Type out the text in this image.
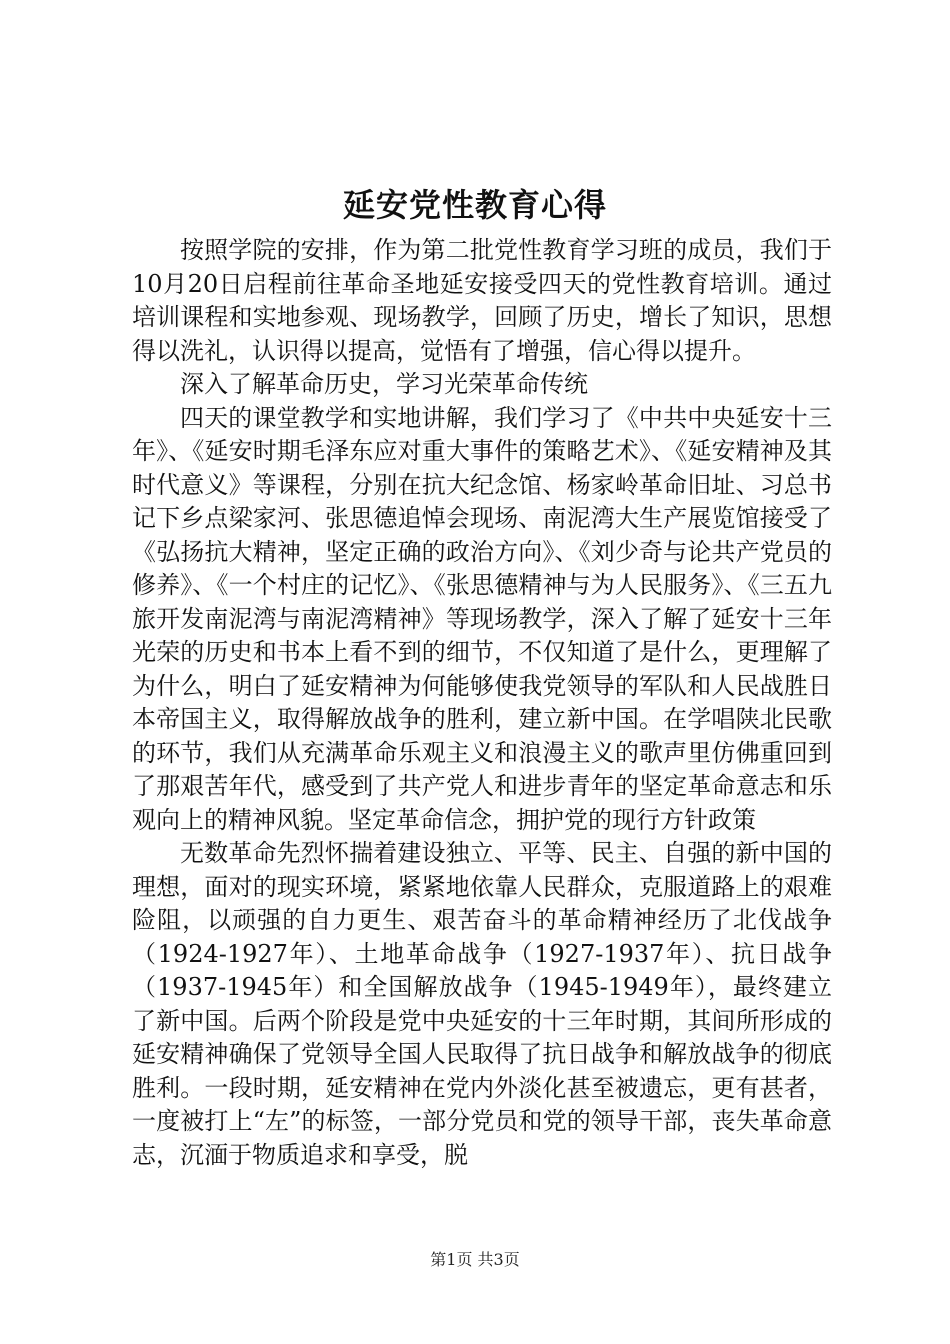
延安党性教育心得

按照学院的安排，作为第二批党性教育学习班的成员，我们于10月20日启程前往革命圣地延安接受四天的党性教育培训。通过培训课程和实地参观、现场教学，回顾了历史，增长了知识，思想得以洗礼，认识得以提高，觉悟有了增强，信心得以提升。

深入了解革命历史，学习光荣革命传统

四天的课堂教学和实地讲解，我们学习了《中共中央延安十三年》、《延安时期毛泽东应对重大事件的策略艺术》、《延安精神及其时代意义》等课程，分别在抗大纪念馆、杨家岭革命旧址、习总书记下乡点梁家河、张思德追悼会现场、南泥湾大生产展览馆接受了《弘扬抗大精神，坚定正确的政治方向》、《刘少奇与论共产党员的修养》、《一个村庄的记忆》、《张思德精神与为人民服务》、《三五九旅开发南泥湾与南泥湾精神》等现场教学，深入了解了延安十三年光荣的历史和书本上看不到的细节，不仅知道了是什么，更理解了为什么，明白了延安精神为何能够使我党领导的军队和人民战胜日本帝国主义，取得解放战争的胜利，建立新中国。在学唱陕北民歌的环节，我们从充满革命乐观主义和浪漫主义的歌声里仿佛重回到了那艰苦年代，感受到了共产党人和进步青年的坚定革命意志和乐观向上的精神风貌。坚定革命信念，拥护党的现行方针政策

无数革命先烈怀揣着建设独立、平等、民主、自强的新中国的理想，面对的现实环境，紧紧地依靠人民群众，克服道路上的艰难险阻，以顽强的自力更生、艰苦奋斗的革命精神经历了北伐战争（1924-1927年）、土地革命战争（1927-1937年）、抗日战争（1937-1945年）和全国解放战争（1945-1949年），最终建立了新中国。后两个阶段是党中央延安的十三年时期，其间所形成的延安精神确保了党领导全国人民取得了抗日战争和解放战争的彻底胜利。一段时期，延安精神在党内外淡化甚至被遗忘，更有甚者，一度被打上“左”的标签，一部分党员和党的领导干部，丧失革命意志，沉湎于物质追求和享受，脱

第1页 共3页
